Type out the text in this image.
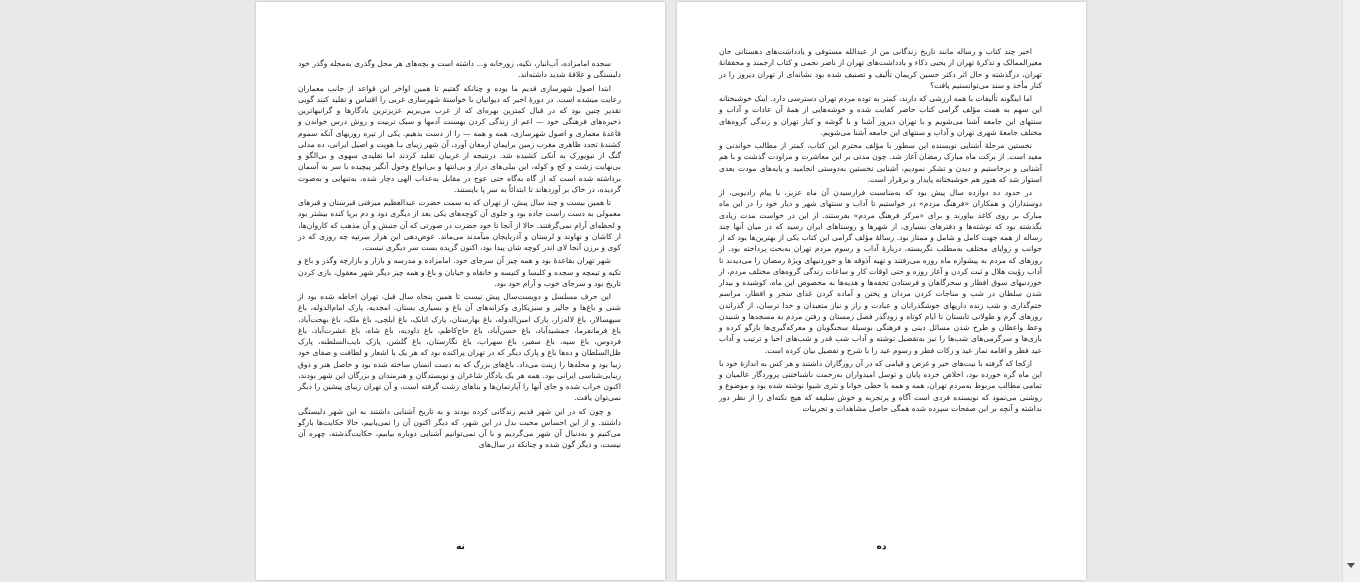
سجده امامزاده، آب‌انبار، تکیه، زورخانه و... داشته است و بچه‌های هر محل وگذری به‌محله وگذر خود دلبستگی و علاقهٔ شدید داشته‌اند.

ابتدا اصول شهرسازی قدیم ما بوده و چنانکه گفتیم تا همین اواخر این قواعد از جانب معماران رعایت میشده است. در دورهٔ اخیر که دیوانیان با خواستهٔ شهرسازی غربی را اقتباس و تقلید کنند گویی تقدیر چنین بود که در قبال کمترین بهره‌ای که از غرب می‌بریم عزیزترین یادگارها و گرانبهاترین ذخیره‌های فرهنگی خود — اعم از زندگی کردن بهسنت آدمها و سبک تربیت و روش درس خواندن و قاعدهٔ معماری و اصول شهرسازی، همه و همه — را از دست بدهیم. یکی از تیره روزیهای آنکه سموم کشندهٔ تجدد ظاهری مغرب زمین برایمان ارمغان آورد، آن شهر زیبای بـا هویت و اصیل ایرانی، ده مدلی گنگ از نیویورک به آنکی کشیده شد. درنتیجه از غربیان تقلید کردند اما تقلیدی سهوی و بی‌الگو و بی‌نهایت زشت و کج و کوله، این بیلی‌های دراز و بی‌انتها و بی‌انواع وحول آنگیز پیچیده با سر به آسمان برداشته شده است که از گاه به‌گاه حتی عوج در مقابل به‌عذاب الهی دچار شده، به‌تنهایی و به‌صوت گردیده، در خاک بر آوردهاند تا ابتدائاً به سر پا بایستند.

تا همین بیست و چند سال پیش، از تهران که به سمت حضرت عبدالعظیم میرفتی قبرستان و قبرهای معمولی به دست راست جاده بود و جلوی آن کوچه‌های یکی بعد از دیگری دود و دم برپا کنده بیشتر بود و لحظه‌ای آرام نمی‌گرفتند. حالا از آنجا تا خود حضرت در صورتی که آن جنبش و آن مذهب که کاروان‌ها، از کاشان و نهاوند و لرستان و آذربایجان میآمدند می‌ماند. عوض‌دهی این هزار سرتپه چه روزی که در کوی و برزن آنجا لای اندر کوچه شان پیدا بود، اکنون گزیده بست سر دیگری نیست.

شهر تهران بقاعدهٔ بود و همه چیز آن سرجای خود. امامزاده و مدرسه و بازار و بازارچه وگذر و باغ و تکیه و تیمچه و سجده و کلیسا و کنیسه و خانقاه و خیابان و باغ و همه چیز دیگر شهر معقول، بازی کردن تاریخ بود و سرجای خوب و آرام خود بود.

این حرف مسلسل و دویست‌سال پیش نیست تا همین پنجاه سال قبل، تهران احاطه شده بود از شنی و باغ‌ها و جالیز و سبزیکاری وکرانه‌های آن باغ و بسیاری بستان. امجدیه، پارک امام‌الدوله، باغ سپهسالار، باغ لاله‌زار، پارک امین‌الدوله، باغ بهارستان، پارک اتابک، باغ ایلچی، باغ ملک، باغ بهجت‌آباد، باغ فرمانفرما، جمشیدآباد، باغ حسن‌آباد، باغ حاج‌کاظم، باغ داودیه، باغ شاه، باغ عشرت‌آباد، باغ فردوس، باغ سپه، باغ سفیر، باغ سهراب، باغ نگارستان، باغ گلشن، پارک نایب‌السلطنه، پارک ظل‌السلطان و ده‌ها باغ و پارک دیگر که در تهران پراکنده بود که هر یک با اشعار و لطافت و صفای خود زیبا بود و محله‌ها را زینت می‌داد. باغ‌های بزرگ که به دست انسان ساخته شده بود و حاصل هنر و ذوق زیبایی‌شناسی ایرانی بود. همه هر یک یادگار شاعران و نویسندگان و هنرمندان و بزرگان این شهر بودند، اکنون خراب شده و جای آنها را آپارتمان‌ها و بناهای زشت گرفته است، و آن تهران زیبای پیشین را دیگر نمی‌توان یافت.

و چون که در این شهر قدیم زندگانی کرده بودند و به تاریخ آشنایی داشتند به این شهر دلبستگی داشتند. و از این احساس محبت بدل در این شهر، که دیگر اکنون آن را نمی‌یابیم، حالا حکایت‌ها بازگو می‌کنیم و به‌دنبال آن شهر می‌گردیم و با آن نمی‌توانیم آشنایی دوباره بیابیم، حکایت‌گذشته، چهره آن نیست، و دیگر گون شده و چنانکه در سال‌های

نه

اخیر چند کتاب و رساله مانند تاریخ زندگانی من از عبدالله مستوفی و یادداشت‌های دهستانی خان معیرالممالک و تذکرهٔ تهران از یحیی ذکاء و یادداشت‌های تهران از ناصر نجمی و کتاب ارجمند و محققانهٔ تهران، درگذشته و حال اثر دکتر حسین کریمان تألیف و تصنیف شده بود نشانه‌ای از تهران دیروز را در کنار مأخذ و سند می‌توانستیم یافت؟

اما اینگونه تألیفات با همه ارزشی که دارند، کمتر به توده مردم تهران دسترسی دارد. اینک خوشبختانه این سهم به همت مؤلف گرامی کتاب حاضر کفایت شده و خوشه‌هایی از همهٔ آن عادات و آداب و سنتهای این جامعه آشنا می‌شویم و با تهران دیروز آشنا و با گوشه و کنار تهران و زندگی گروه‌های مختلف جامعهٔ شهری تهران و آداب و سنتهای این جامعه آشنا می‌شویم.

نخستین مرحلهٔ آشنایی نویسنده این سطور با مؤلف محترم این کتاب، کمتر از مطالب خواندنی و مفید است. از برکت ماه مبارک رمضان آغاز شد. چون مدتی بر این معاشرت و مراودت گذشت و با هم آشنایی و برخاستیم و دیدن و تشکر نمودیم، آشنایی نخستین به‌دوستی انجامید و پایه‌های مودت بعدی استوار شد که هنوز هم خوشبختانه پایدار و برقرار است.

در حدود ده دوازده سال پیش بود که به‌مناسبت فرارسیدن آن ماه عزیز، با پیام رادیویی، از دوستداران و همکاران «فرهنگ مردم» در خواستیم تا آداب و سنتهای شهر و دیار خود را در این ماه مبارک بر روی کاغذ بیاورند و برای «مرکز فرهنگ مردم» بفرستند. از این در خواست مدت زیادی نگذشته بود که نوشته‌ها و دفترهای بسیاری، از شهرها و روستاهای ایران رسید که در میان آنها چند رساله از همه جهت کامل و شامل و ممتاز بود. رسالهٔ مؤلف گرامی این کتاب یکی از بهترین‌ها بود که از جوانب و زوایای مختلف به‌مطلب نگریسته، دربارهٔ آداب و رسوم مردم تهران به‌بحث پرداخته بود. از روزهای که مردم به پیشوازه ماه روزه می‌رفتند و تهیه آذوقه ها و خوردنیهای ویژهٔ رمضان را می‌دیدند تا آداب رؤیت هلال و ثبت کردن و آغاز روزه و حتی اوقات کار و ساعات زندگی گروه‌های مختلف مردم، از خوردنیهای سوق افطار و سحرگاهان و فرستادن تحفه‌ها و هدیه‌ها به مخصوص این ماه، کوشیده و بیدار شدن سلطان در شب و مناجات کردن مردان و پختن و آماده کردن غذای سحر و افطار، مراسم ختم‌گذاری و شب زنده داریهای خوشگذرانان و عبادت و راز و نیاز متعبدان و خدا ترسان، از گذراندن روزهای گرم و طولانی تابستان تا ایام کوتاه و زودگذر فصل زمستان و رفتن مردم به مسجدها و شنیدن وعظ واعظان و طرح شدن مسائل دینی و فرهنگی بوسیلهٔ سخنگویان و معرکه‌گیری‌ها بازگو کرده و بازی‌ها و سرگرمی‌های شب‌ها را نیز به‌تفصیل نوشته و آداب شب قدر و شب‌های احیا و ترتیب و آداب عید فطر و اقامه نماز عید و زکات فطر و رسوم عید را با شرح و تفصیل بیان کرده است.

ازکجا که گرفته با نیت‌های خیر و غرض و قیامی که در آن روزگاران داشتند و هر کس به اندازهٔ خود با این ماه گره خورده بود، اخلاص خرده پایان و توسل امیدواران به‌رحمت ناشناختنی پروردگار عالمیان و تمامی مطالب مربوط به‌مردم تهران، همه و همه با خطی خوانا و نثری شیوا نوشته شده بود و موضوع و روشنی می‌نمود که نویسنده فردی است آگاه و پرتجربه و خوش سلیقه که هیچ نکته‌ای را از نظر دور نداشته و آنچه بر این صفحات سپرده شده همگی حاصل مشاهدات و تجربیات

ده
